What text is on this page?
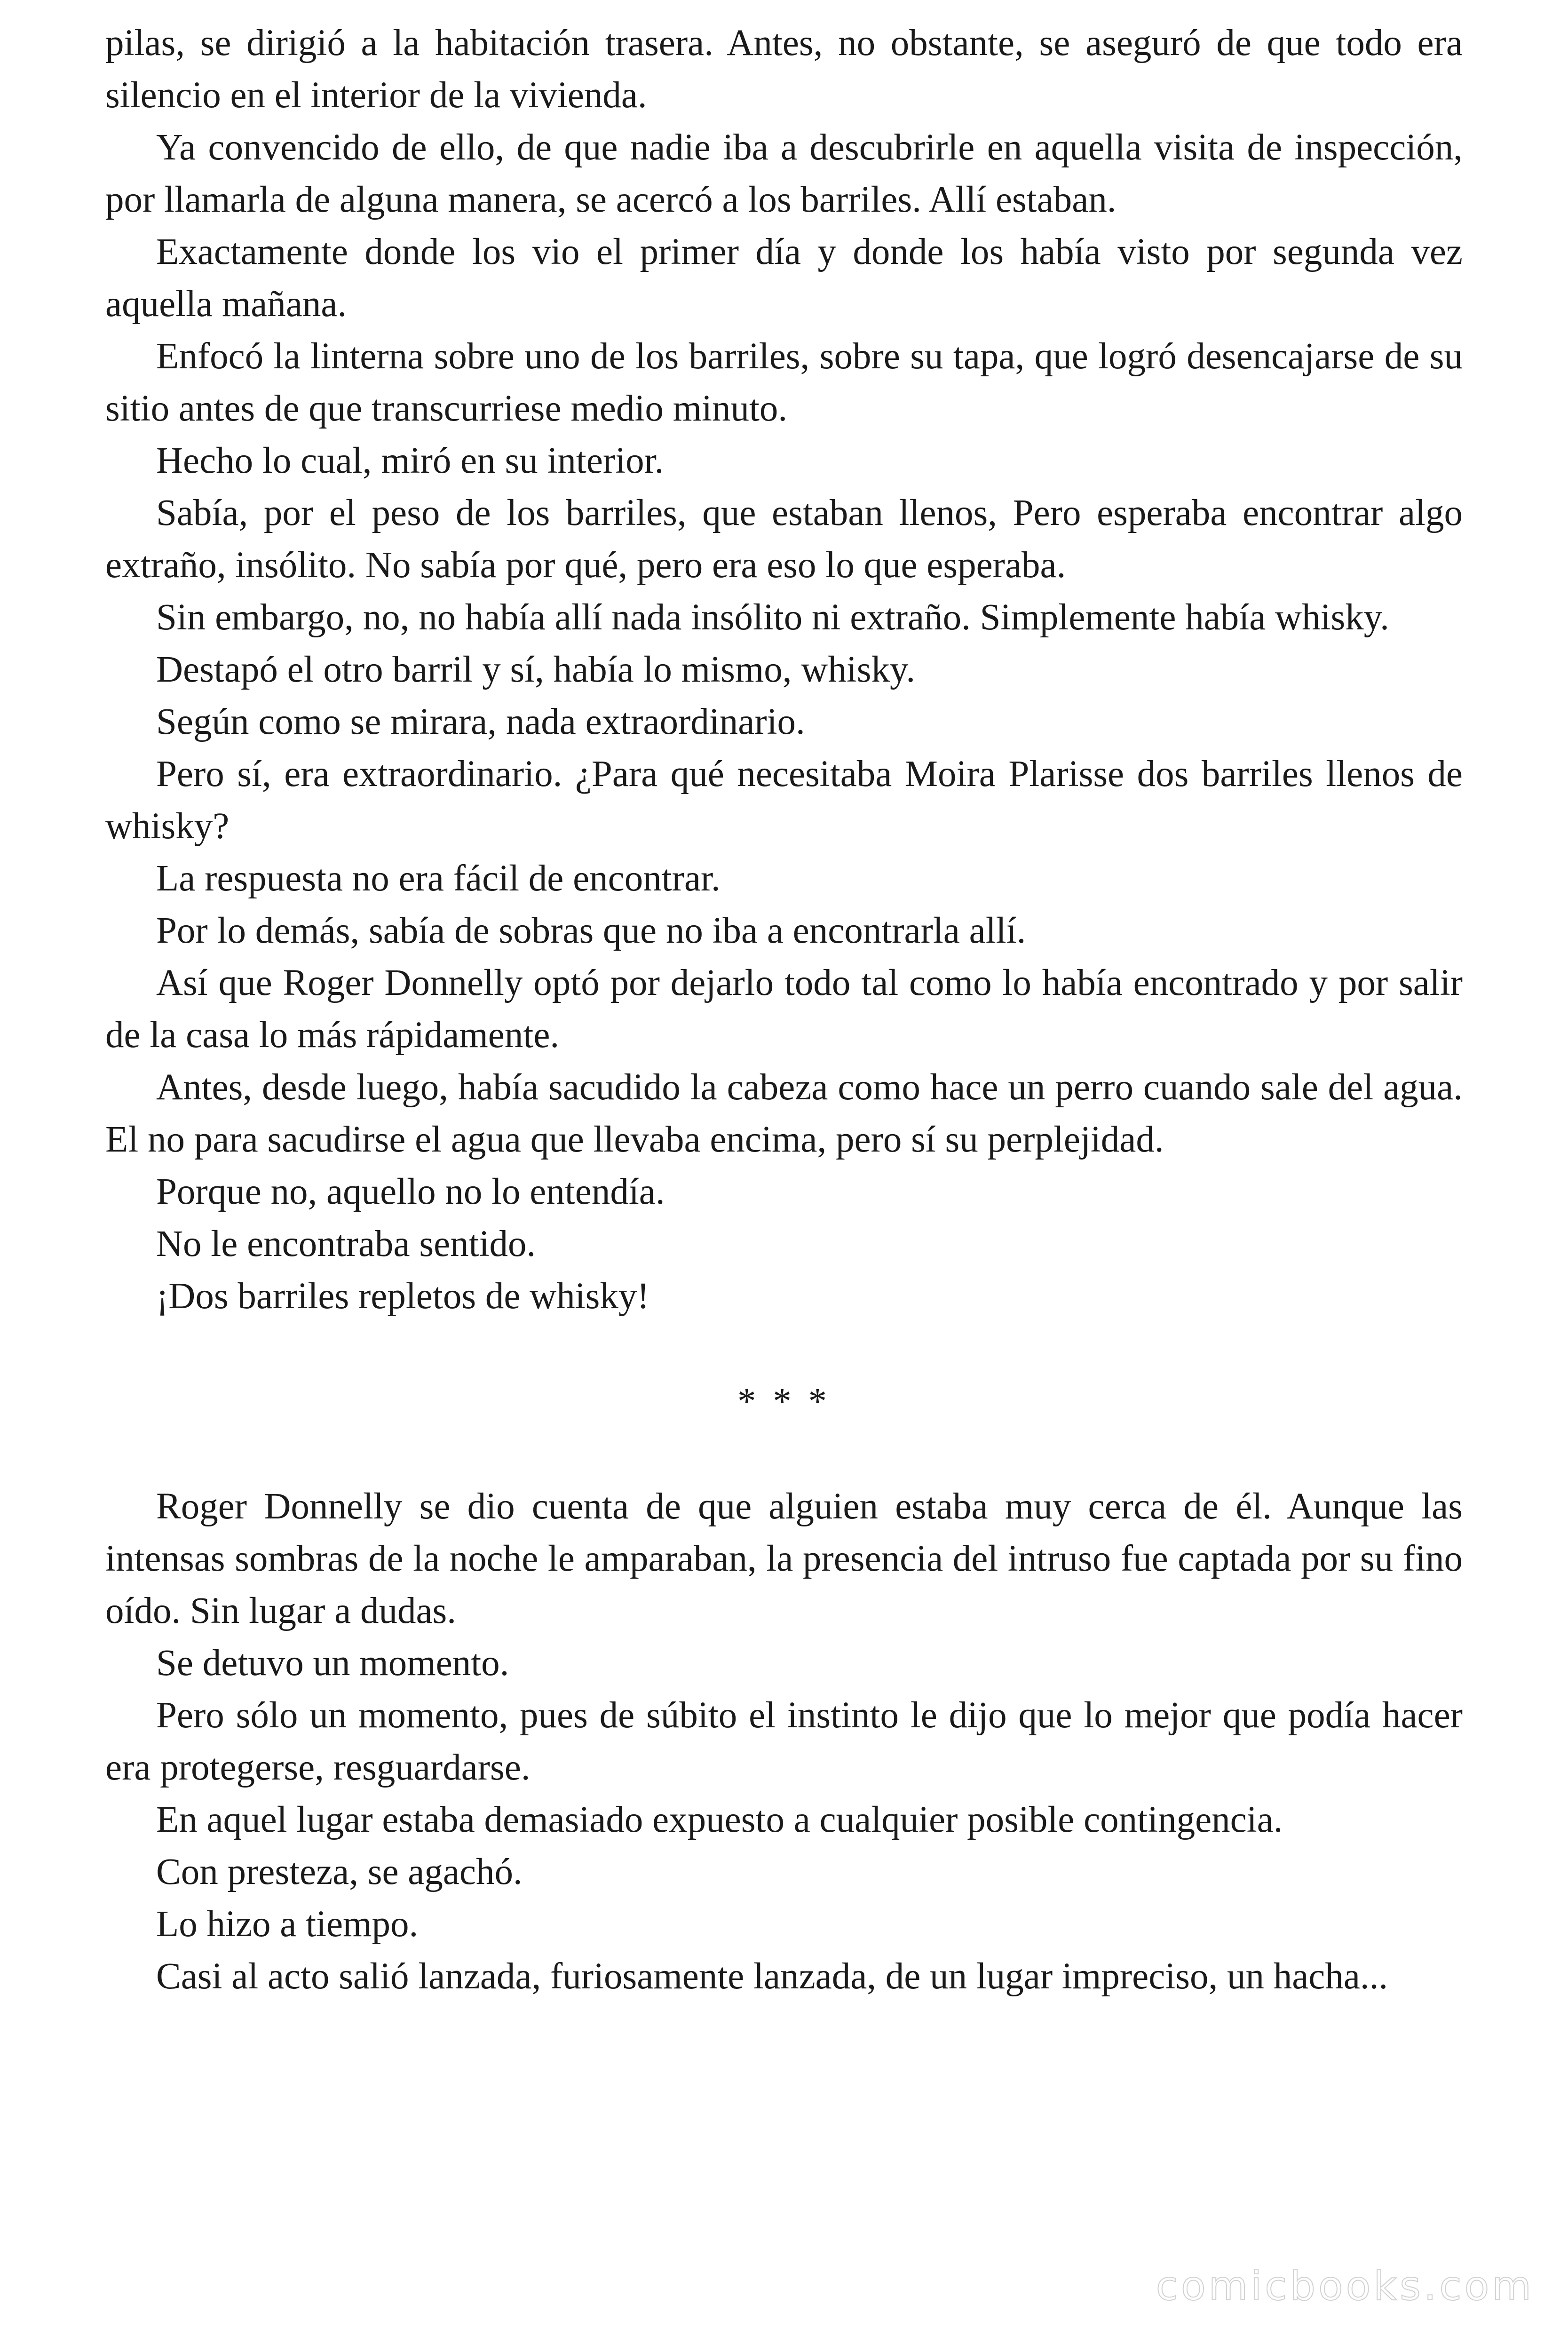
pilas, se dirigió a la habitación trasera. Antes, no obstante, se aseguró de que todo era silencio en el interior de la vivienda.

Ya convencido de ello, de que nadie iba a descubrirle en aquella visita de inspección, por llamarla de alguna manera, se acercó a los barriles. Allí estaban.

Exactamente donde los vio el primer día y donde los había visto por segunda vez aquella mañana.

Enfocó la linterna sobre uno de los barriles, sobre su tapa, que logró desencajarse de su sitio antes de que transcurriese medio minuto.

Hecho lo cual, miró en su interior.

Sabía, por el peso de los barriles, que estaban llenos, Pero esperaba encontrar algo extraño, insólito. No sabía por qué, pero era eso lo que esperaba.

Sin embargo, no, no había allí nada insólito ni extraño. Simplemente había whisky.

Destapó el otro barril y sí, había lo mismo, whisky.

Según como se mirara, nada extraordinario.

Pero sí, era extraordinario. ¿Para qué necesitaba Moira Plarisse dos barriles llenos de whisky?

La respuesta no era fácil de encontrar.

Por lo demás, sabía de sobras que no iba a encontrarla allí.

Así que Roger Donnelly optó por dejarlo todo tal como lo había encontrado y por salir de la casa lo más rápidamente.

Antes, desde luego, había sacudido la cabeza como hace un perro cuando sale del agua. El no para sacudirse el agua que llevaba encima, pero sí su perplejidad.

Porque no, aquello no lo entendía.

No le encontraba sentido.

¡Dos barriles repletos de whisky!

* * *

Roger Donnelly se dio cuenta de que alguien estaba muy cerca de él. Aunque las intensas sombras de la noche le amparaban, la presencia del intruso fue captada por su fino oído. Sin lugar a dudas.

Se detuvo un momento.

Pero sólo un momento, pues de súbito el instinto le dijo que lo mejor que podía hacer era protegerse, resguardarse.

En aquel lugar estaba demasiado expuesto a cualquier posible contingencia.

Con presteza, se agachó.

Lo hizo a tiempo.

Casi al acto salió lanzada, furiosamente lanzada, de un lugar impreciso, un hacha...

comicbooks.com
